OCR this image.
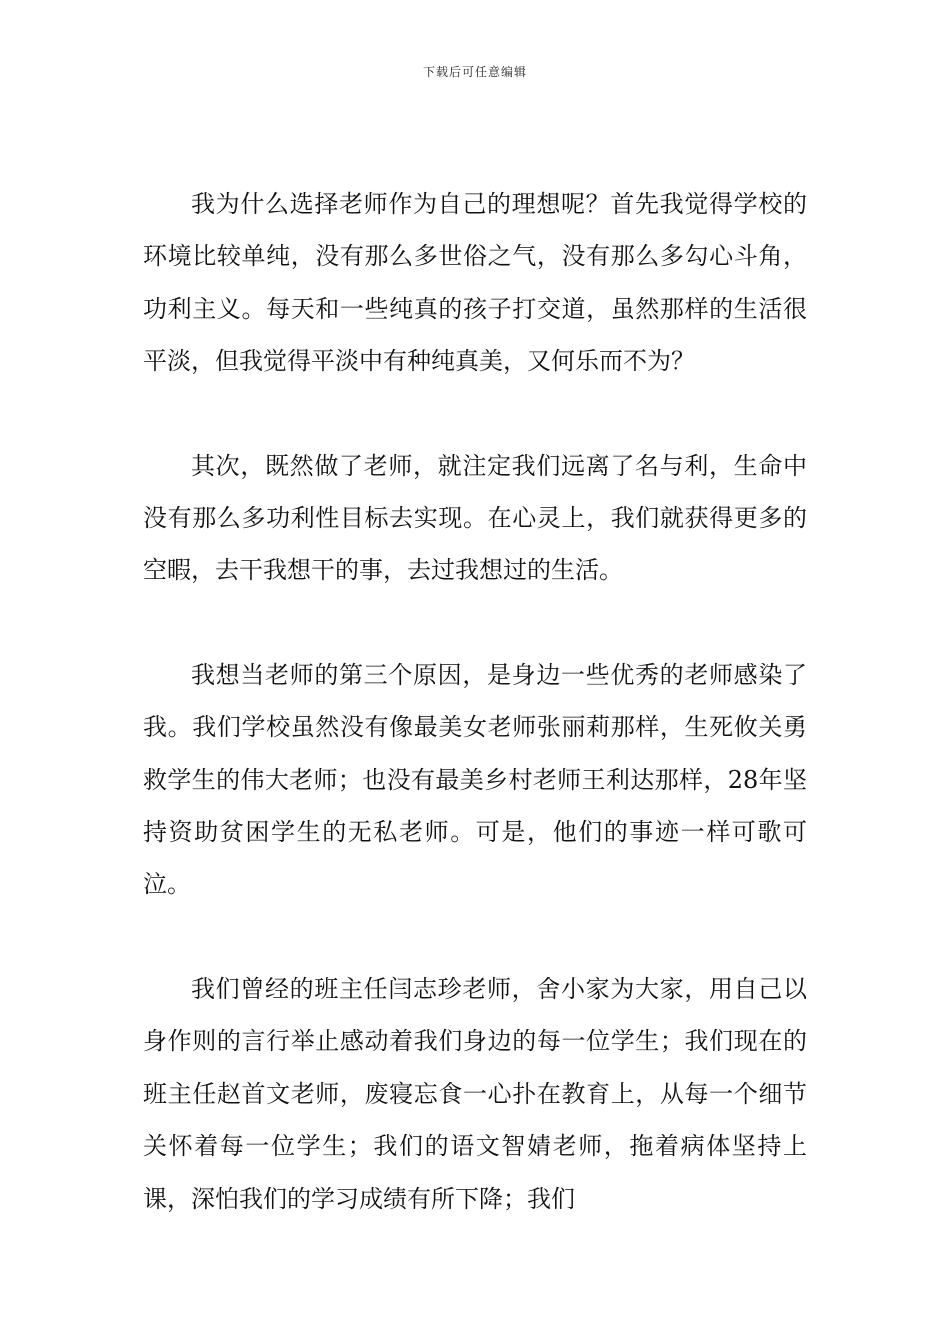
下载后可任意编辑

我为什么选择老师作为自己的理想呢？首先我觉得学校的环境比较单纯，没有那么多世俗之气，没有那么多勾心斗角，功利主义。每天和一些纯真的孩子打交道，虽然那样的生活很平淡，但我觉得平淡中有种纯真美，又何乐而不为？

其次，既然做了老师，就注定我们远离了名与利，生命中没有那么多功利性目标去实现。在心灵上，我们就获得更多的空暇，去干我想干的事，去过我想过的生活。

我想当老师的第三个原因，是身边一些优秀的老师感染了我。我们学校虽然没有像最美女老师张丽莉那样，生死攸关勇救学生的伟大老师；也没有最美乡村老师王利达那样，28年坚持资助贫困学生的无私老师。可是，他们的事迹一样可歌可泣。

我们曾经的班主任闫志珍老师，舍小家为大家，用自己以身作则的言行举止感动着我们身边的每一位学生；我们现在的班主任赵首文老师，废寝忘食一心扑在教育上，从每一个细节关怀着每一位学生；我们的语文智婧老师，拖着病体坚持上课，深怕我们的学习成绩有所下降；我们
